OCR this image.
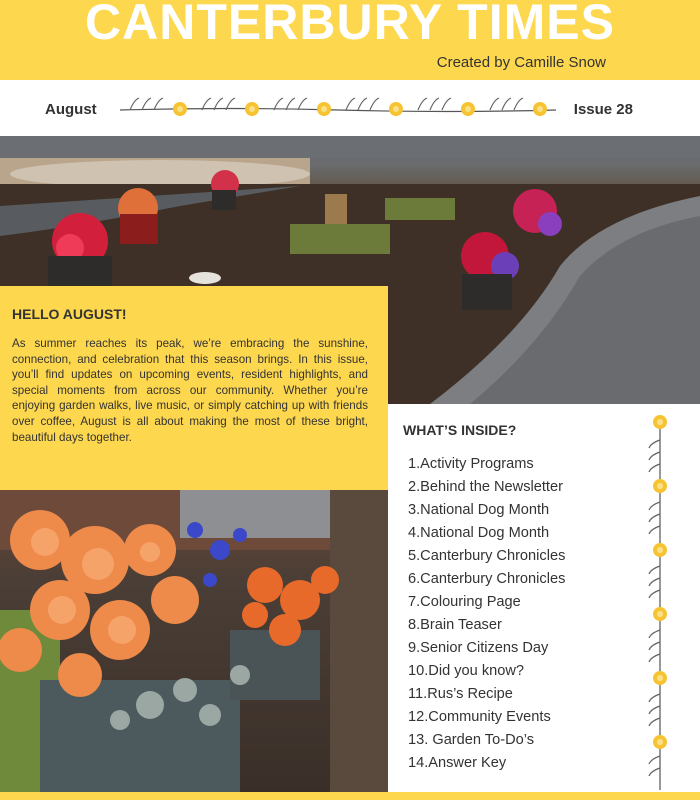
CANTERBURY TIMES
Created by Camille Snow
August	Issue 28
HELLO AUGUST!
As summer reaches its peak, we’re embracing the sunshine, connection, and celebration that this season brings. In this issue, you’ll find updates on upcoming events, resident highlights, and special moments from across our community. Whether you’re enjoying garden walks, live music, or simply catching up with friends over coffee, August is all about making the most of these bright, beautiful days together.	WHAT’S INSIDE?
1.Activity Programs
2.Behind the Newsletter
3.National Dog Month
4.National Dog Month
5.Canterbury Chronicles
6.Canterbury Chronicles
7.Colouring Page
8.Brain Teaser
9.Senior Citizens Day
10.Did you know?
11.Rus’s Recipe
12.Community Events
13. Garden To-Do’s
14.Answer Key
